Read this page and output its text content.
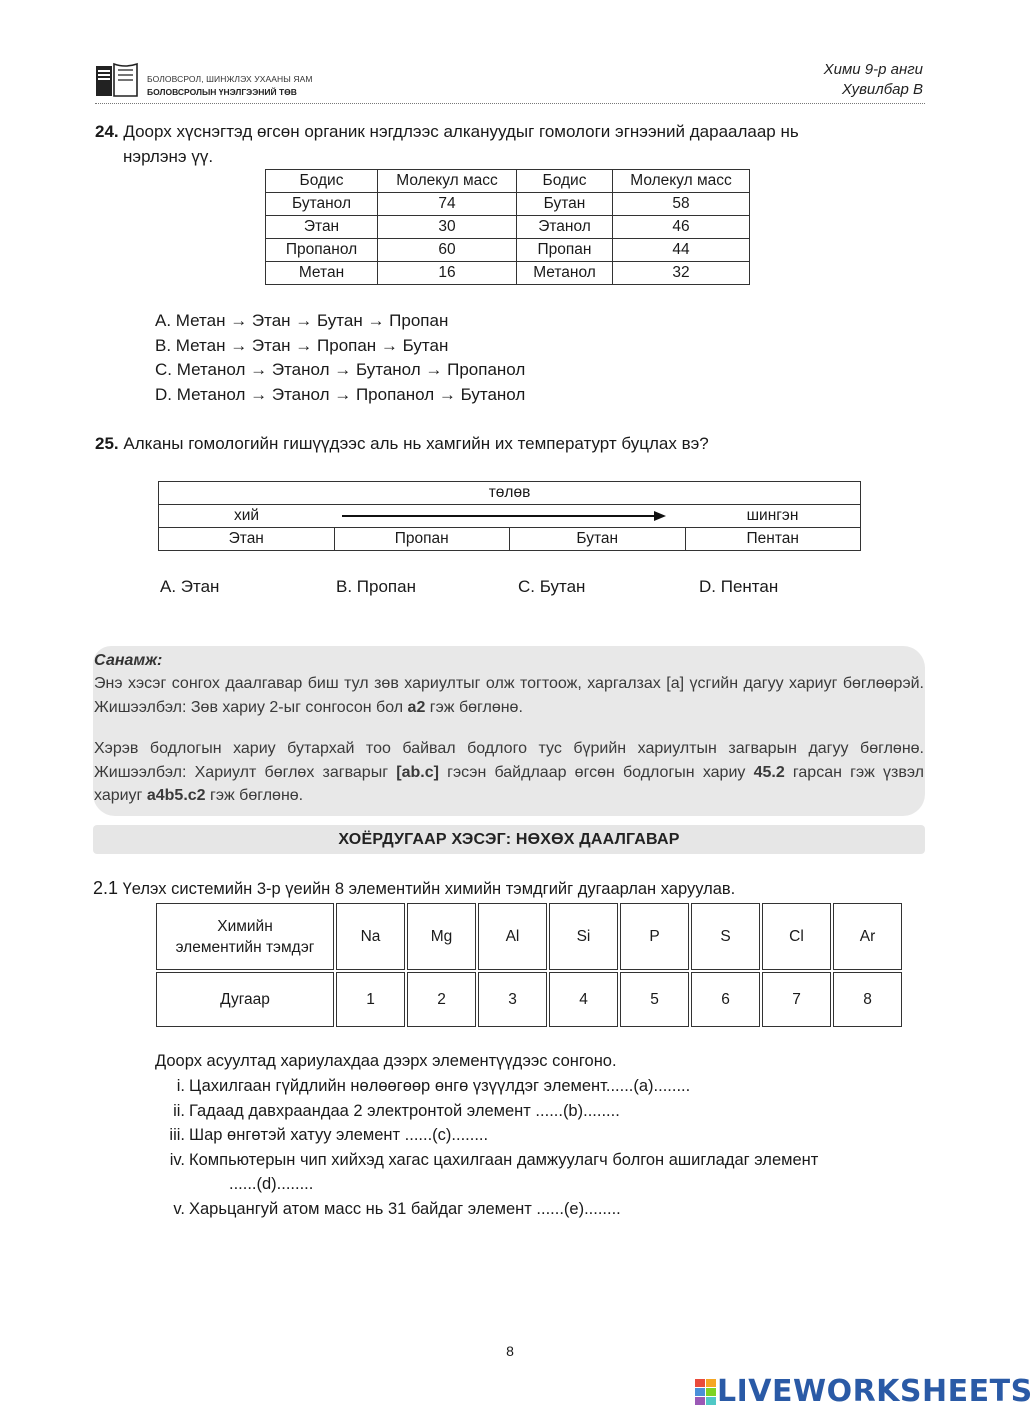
БОЛОВСРОЛ, ШИНЖЛЭХ УХААНЫ ЯАМ
БОЛОВСРОЛЫН ҮНЭЛГЭЭНИЙ ТӨВ
Хими 9-р анги
Хувилбар В
24. Доорх хүснэгтэд өгсөн органик нэгдлээс алкануудыг гомологи эгнээний дараалаар нь
нэрлэнэ үү.
Бодис	Молекул масс	Бодис	Молекул масс
Бутанол	74	Бутан	58
Этан	30	Этанол	46
Пропанол	60	Пропан	44
Метан	16	Метанол	32
A. Метан → Этан → Бутан → Пропан
B. Метан → Этан → Пропан → Бутан
C. Метанол → Этанол → Бутанол → Пропанол
D. Метанол → Этанол → Пропанол → Бутанол
25. Алканы гомологийн гишүүдээс аль нь хамгийн их температурт буцлах вэ?
төлөв
хий	шингэн
Этан	Пропан	Бутан	Пентан
A. Этан	B. Пропан	C. Бутан	D. Пентан
Санамж:
Энэ хэсэг сонгох даалгавар биш тул зөв хариултыг олж тогтоож, харгалзах [а] үсгийн дагуу хариуг бөглөөрэй. Жишээлбэл: Зөв хариу 2-ыг сонгосон бол a2 гэж бөглөнө.
Хэрэв бодлогын хариу бутархай тоо байвал бодлого тус бүрийн хариултын загварын дагуу бөглөнө. Жишээлбэл: Хариулт бөглөх загварыг [ab.c] гэсэн байдлаар өгсөн бодлогын хариу 45.2 гарсан гэж үзвэл хариуг a4b5.c2 гэж бөглөнө.
ХОЁРДУГААР ХЭСЭГ: НӨХӨХ ДААЛГАВАР
2.1 Үелэх системийн 3-р үеийн 8 элементийн химийн тэмдгийг дугаарлан харуулав.
Химийн
элементийн тэмдэг	Na	Mg	Al	Si	P	S	Cl	Ar
Дугаар	1	2	3	4	5	6	7	8
Доорх асуултад хариулахдаа дээрх элементүүдээс сонгоно.
i. Цахилгаан гүйдлийн нөлөөгөөр өнгө үзүүлдэг элемент......(a)........
ii. Гадаад давхраандаа 2 электронтой элемент ......(b)........
iii. Шар өнгөтэй хатуу элемент ......(c)........
iv. Компьютерын чип хийхэд хагас цахилгаан дамжуулагч болгон ашигладаг элемент
......(d)........
v. Харьцангуй атом масс нь 31 байдаг элемент ......(e)........
8
LIVEWORKSHEETS
